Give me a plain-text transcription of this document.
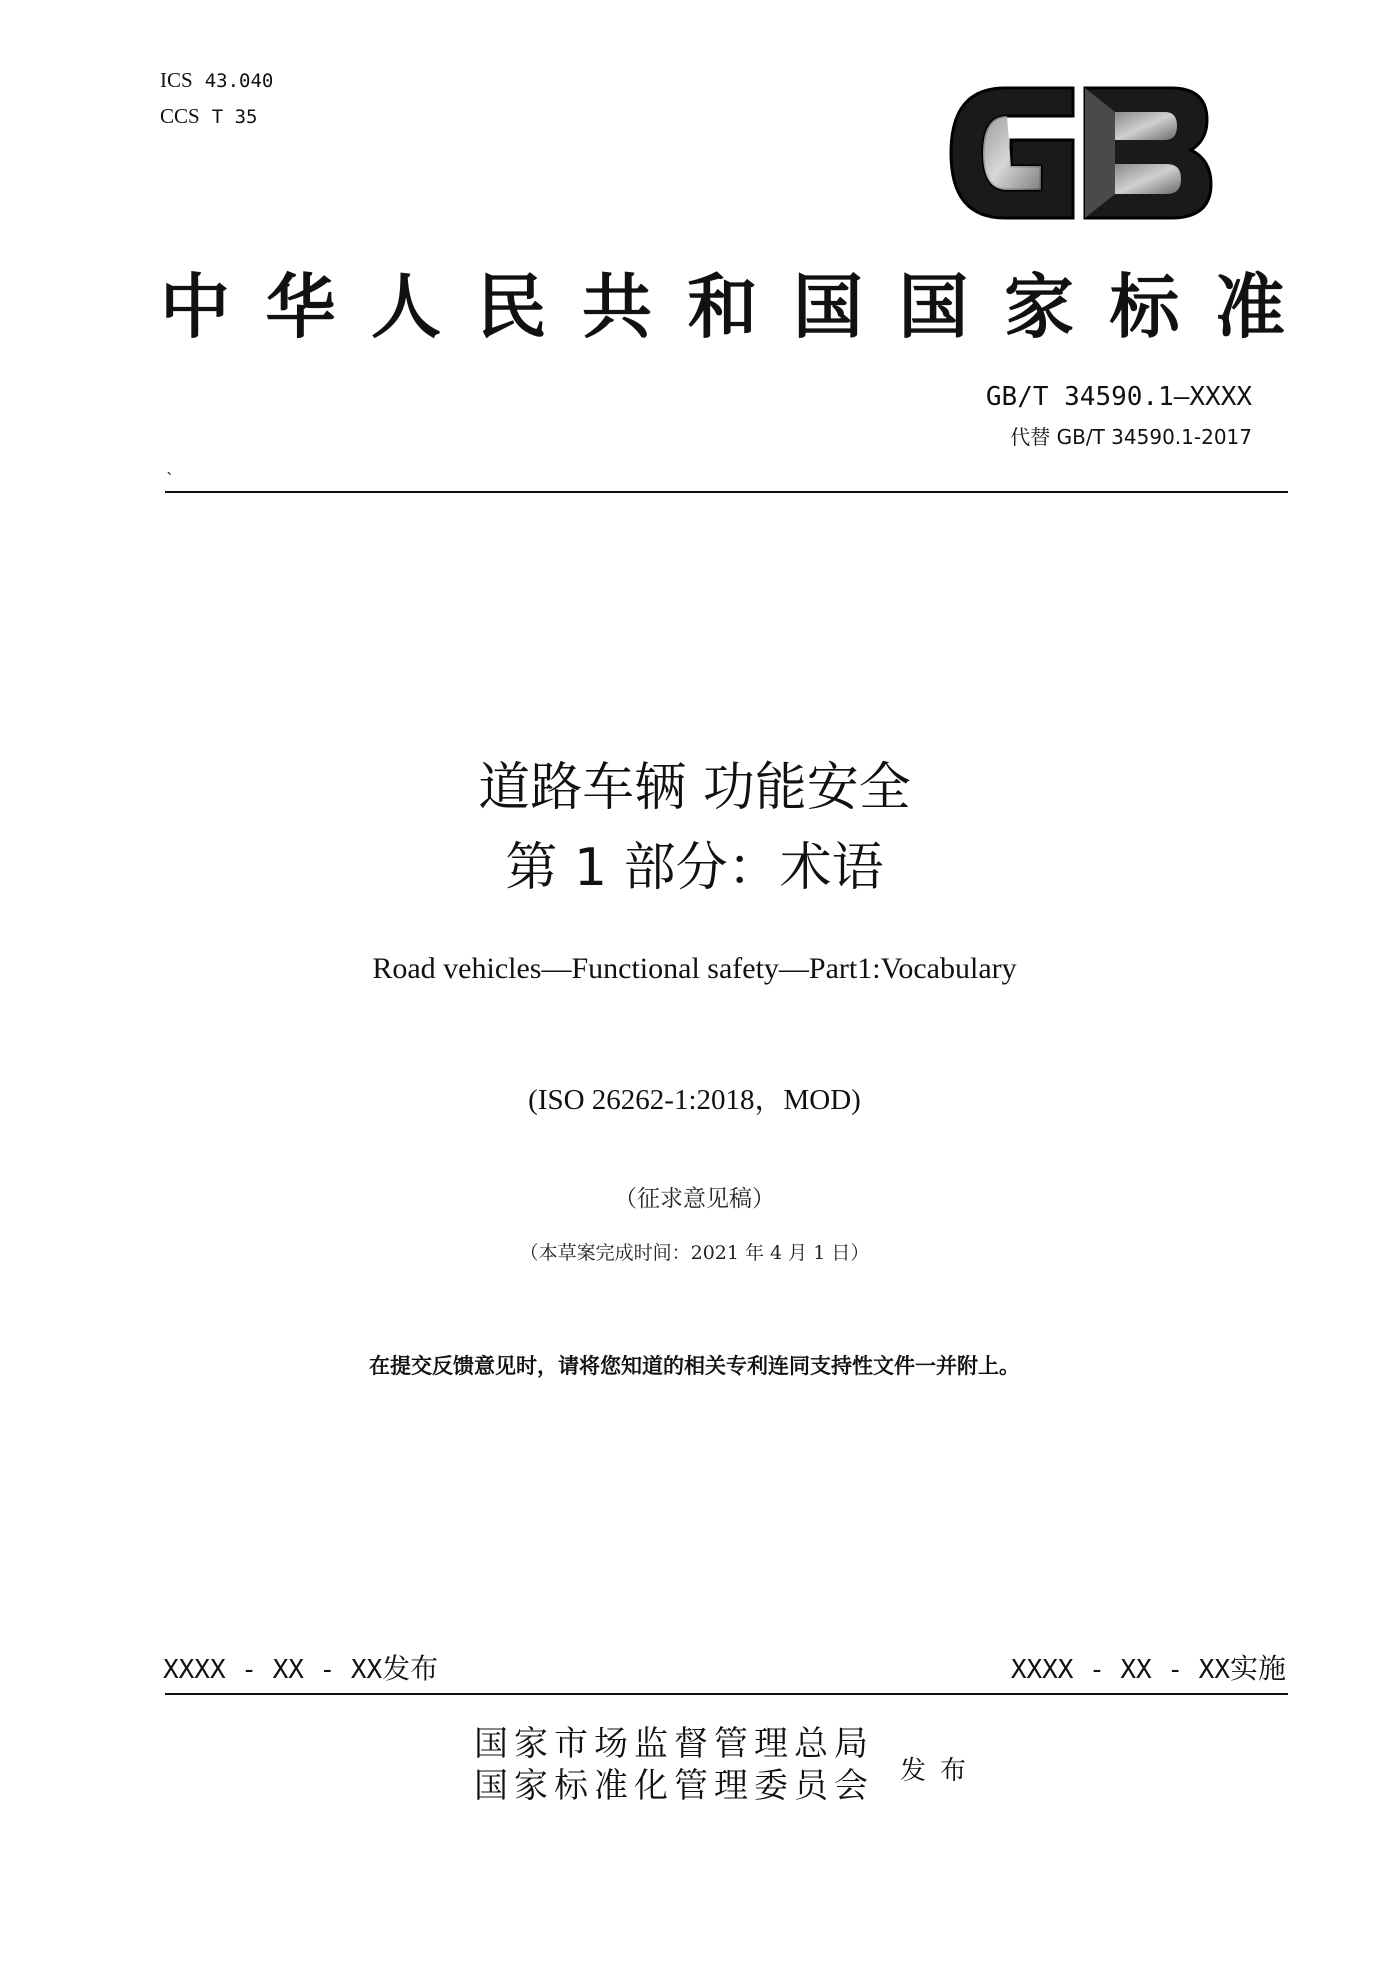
ICS 43.040
CCS T 35
中 华 人 民 共 和 国 国 家 标 准
GB/T 34590.1—XXXX
代替 GB/T 34590.1-2017
`
道路车辆 功能安全
第 1 部分：术语
Road vehicles—Functional safety—Part1:Vocabulary
(ISO 26262-1:2018，MOD)
（征求意见稿）
（本草案完成时间：2021 年 4 月 1 日）
在提交反馈意见时，请将您知道的相关专利连同支持性文件一并附上。
XXXX - XX - XX发布	XXXX - XX - XX实施
国家市场监督管理总局
国家标准化管理委员会 发布
